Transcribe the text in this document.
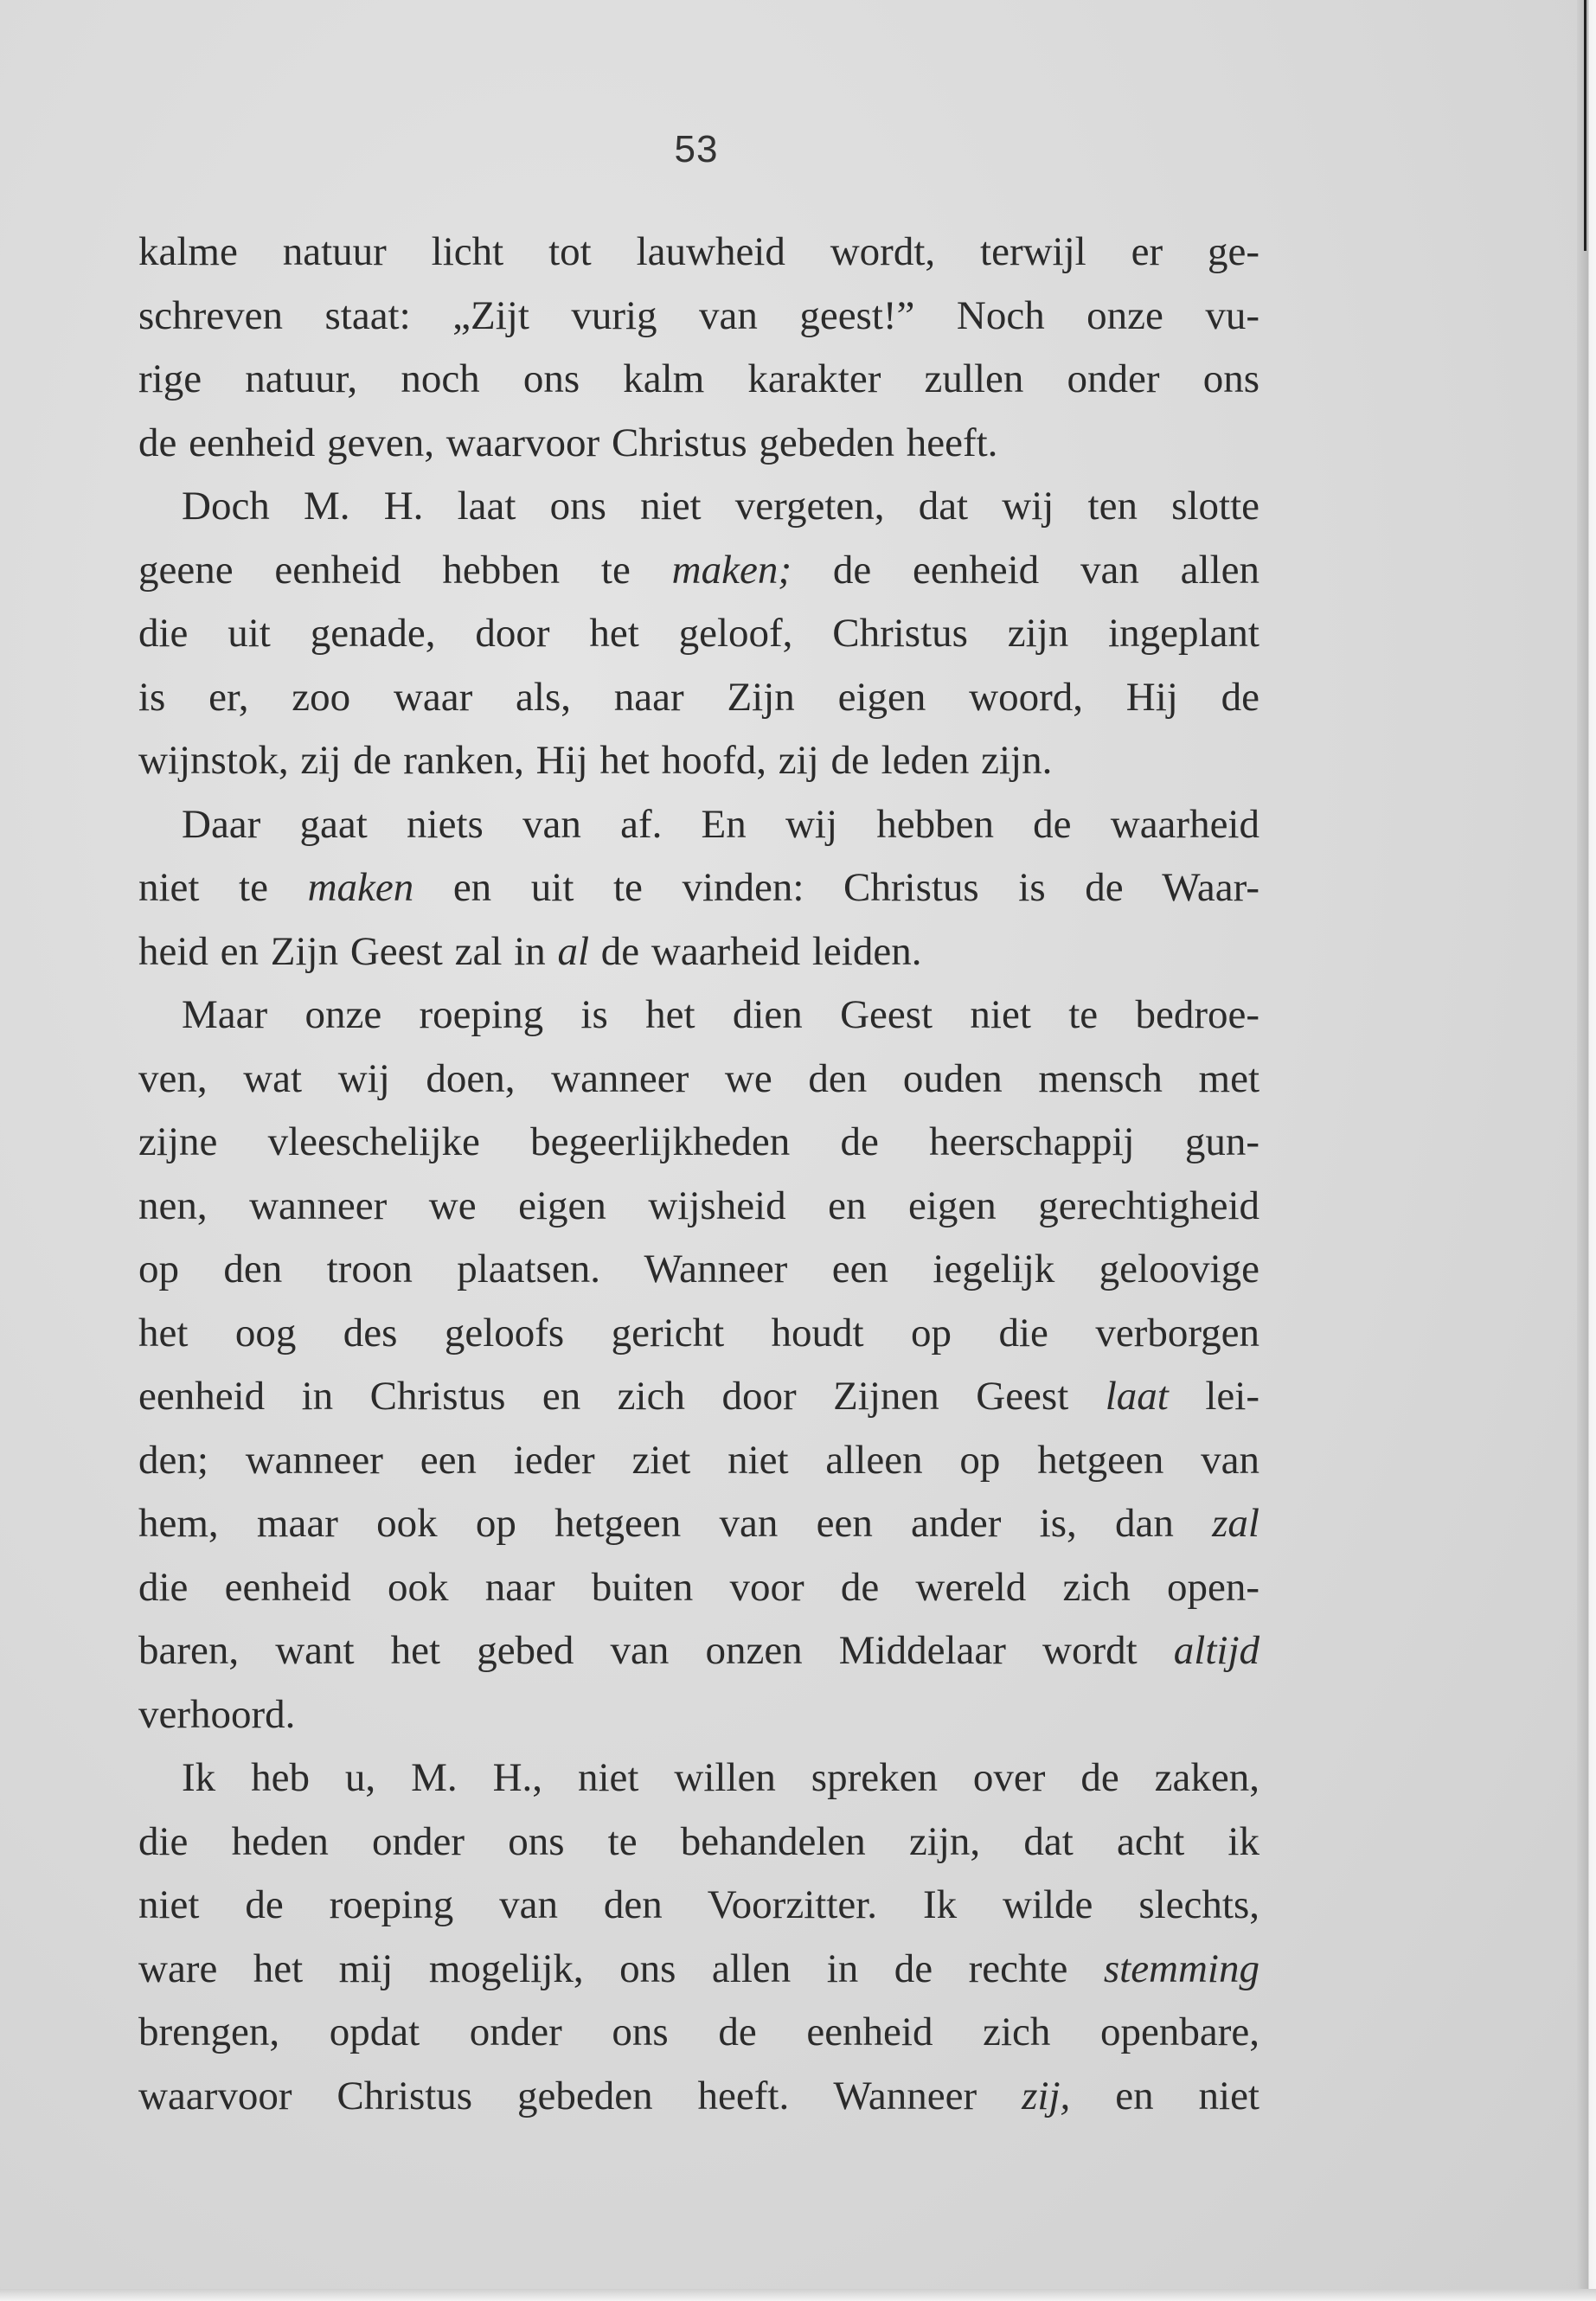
53
kalme natuur licht tot lauwheid wordt, terwijl er ge-
schreven staat: „Zijt vurig van geest!” Noch onze vu-
rige natuur, noch ons kalm karakter zullen onder ons
de eenheid geven, waarvoor Christus gebeden heeft.
Doch M. H. laat ons niet vergeten, dat wij ten slotte
geene eenheid hebben te maken; de eenheid van allen
die uit genade, door het geloof, Christus zijn ingeplant
is er, zoo waar als, naar Zijn eigen woord, Hij de
wijnstok, zij de ranken, Hij het hoofd, zij de leden zijn.
Daar gaat niets van af. En wij hebben de waarheid
niet te maken en uit te vinden: Christus is de Waar-
heid en Zijn Geest zal in al de waarheid leiden.
Maar onze roeping is het dien Geest niet te bedroe-
ven, wat wij doen, wanneer we den ouden mensch met
zijne vleeschelijke begeerlijkheden de heerschappij gun-
nen, wanneer we eigen wijsheid en eigen gerechtigheid
op den troon plaatsen. Wanneer een iegelijk geloovige
het oog des geloofs gericht houdt op die verborgen
eenheid in Christus en zich door Zijnen Geest laat lei-
den; wanneer een ieder ziet niet alleen op hetgeen van
hem, maar ook op hetgeen van een ander is, dan zal
die eenheid ook naar buiten voor de wereld zich open-
baren, want het gebed van onzen Middelaar wordt altijd
verhoord.
Ik heb u, M. H., niet willen spreken over de zaken,
die heden onder ons te behandelen zijn, dat acht ik
niet de roeping van den Voorzitter. Ik wilde slechts,
ware het mij mogelijk, ons allen in de rechte stemming
brengen, opdat onder ons de eenheid zich openbare,
waarvoor Christus gebeden heeft. Wanneer zij, en niet
